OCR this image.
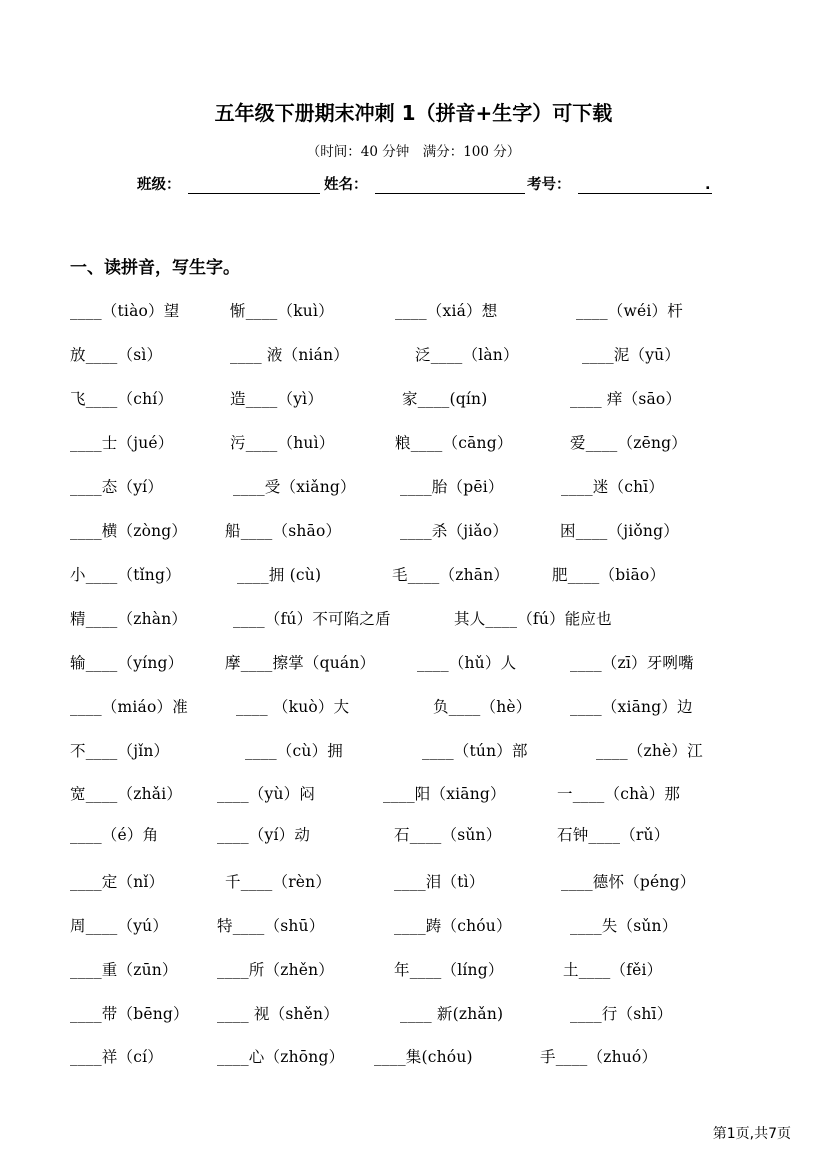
五年级下册期末冲刺 1（拼音+生字）可下载
（时间：40 分钟　满分：100 分）
班级：	姓名：	考号：	.
一、读拼音，写生字。
____（tiào）望	惭____（kuì）	____（xiá）想	____（wéi）杆
放____（sì）	____ 液（nián）	泛____（làn）	____泥（yū）
飞____（chí）	造____（yì）	家____(qín)	____ 痒（sāo）
____士（jué）	污____（huì）	粮____（cāng）	爱____（zēng）
____态（yí）	____受（xiǎng）	____胎（pēi）	____迷（chī）
____横（zòng） 船____（shāo）	____杀（jiǎo）	困____（jiǒng）
小____（tǐng）	____拥 (cù)	毛____（zhān）	肥____（biāo）
精____（zhàn）	____（fú）不可陷之盾	其人____（fú）能应也
输____（yíng）	摩____擦掌（quán）	____（hǔ）人	____（zī）牙咧嘴
____（miáo）准	____ （kuò）大	负____（hè） ____（xiāng）边
不____（jǐn）	____（cù）拥	____（tún）部	____（zhè）江
宽____（zhǎi） ____（yù）闷	____阳（xiāng）	一____（chà）那
____（é）角	____（yí）动	石____（sǔn）	石钟____（rǔ）
____定（nǐ）	千____（rèn）	____泪（tì）	____德怀（péng）
周____（yú）	特____（shū）	____踌（chóu）	____失（sǔn）
____重（zūn）	____所（zhěn）	年____（líng）	土____（fěi）
____带（bēng） ____ 视（shěn）	____ 新(zhǎn)	____行（shī）
____祥（cí）	____心（zhōng） ____集(chóu)	手____（zhuó）
第1页,共7页
